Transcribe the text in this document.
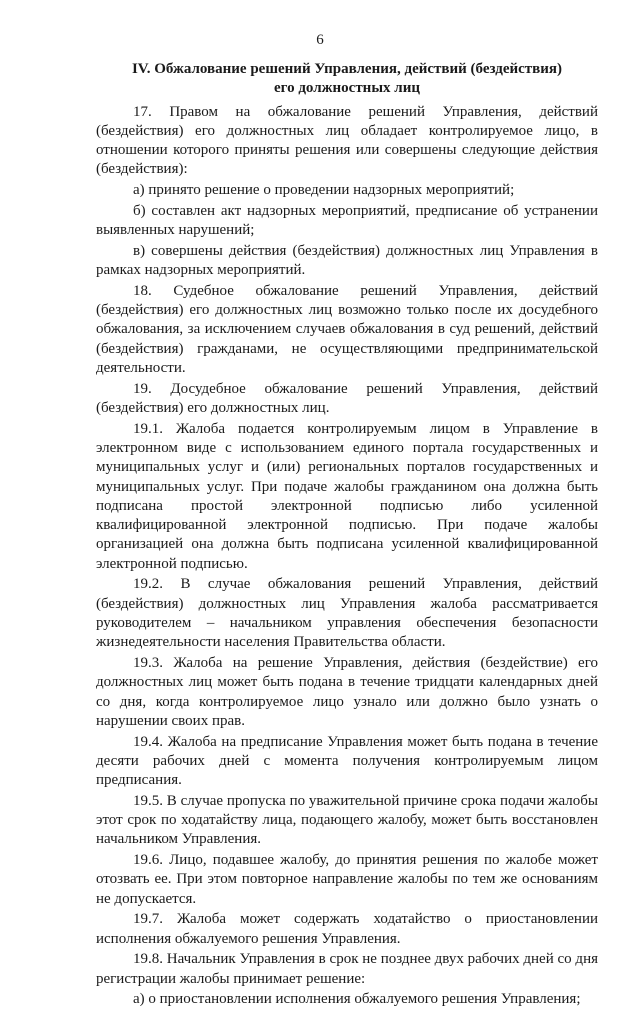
6
IV. Обжалование решений Управления, действий (бездействия)
его должностных лиц

17. Правом на обжалование решений Управления, действий (бездействия) его должностных лиц обладает контролируемое лицо, в отношении которого приняты решения или совершены следующие действия (бездействия):

а) принято решение о проведении надзорных мероприятий;

б) составлен акт надзорных мероприятий, предписание об устранении выявленных нарушений;

в) совершены действия (бездействия) должностных лиц Управления в рамках надзорных мероприятий.

18. Судебное обжалование решений Управления, действий (бездействия) его должностных лиц возможно только после их досудебного обжалования, за исключением случаев обжалования в суд решений, действий (бездействия) гражданами, не осуществляющими предпринимательской деятельности.

19. Досудебное обжалование решений Управления, действий (бездействия) его должностных лиц.

19.1. Жалоба подается контролируемым лицом в Управление в электронном виде с использованием единого портала государственных и муниципальных услуг и (или) региональных порталов государственных и муниципальных услуг. При подаче жалобы гражданином она должна быть подписана простой электронной подписью либо усиленной квалифицированной электронной подписью. При подаче жалобы организацией она должна быть подписана усиленной квалифицированной электронной подписью.

19.2. В случае обжалования решений Управления, действий (бездействия) должностных лиц Управления жалоба рассматривается руководителем – начальником управления обеспечения безопасности жизнедеятельности населения Правительства области.

19.3. Жалоба на решение Управления, действия (бездействие) его должностных лиц может быть подана в течение тридцати календарных дней со дня, когда контролируемое лицо узнало или должно было узнать о нарушении своих прав.

19.4. Жалоба на предписание Управления может быть подана в течение десяти рабочих дней с момента получения контролируемым лицом предписания.

19.5. В случае пропуска по уважительной причине срока подачи жалобы этот срок по ходатайству лица, подающего жалобу, может быть восстановлен начальником Управления.

19.6. Лицо, подавшее жалобу, до принятия решения по жалобе может отозвать ее. При этом повторное направление жалобы по тем же основаниям не допускается.

19.7. Жалоба может содержать ходатайство о приостановлении исполнения обжалуемого решения Управления.

19.8. Начальник Управления в срок не позднее двух рабочих дней со дня регистрации жалобы принимает решение:

а) о приостановлении исполнения обжалуемого решения Управления;
